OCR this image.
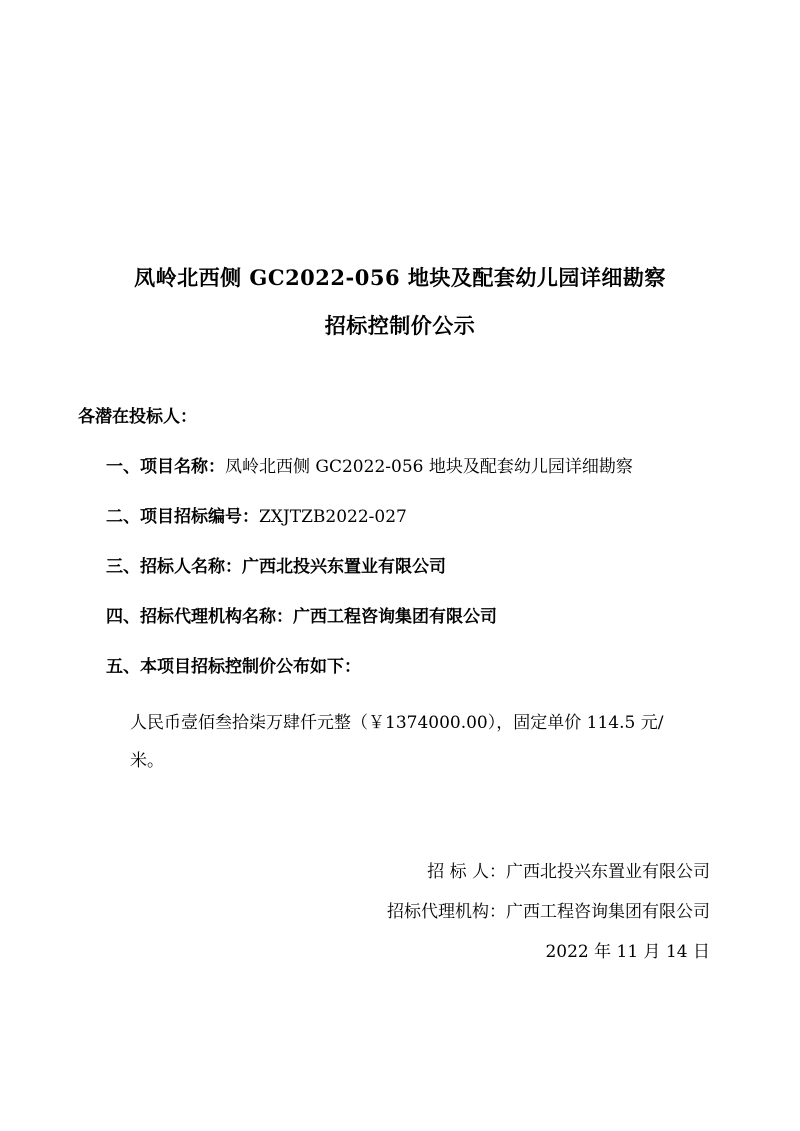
凤岭北西侧 GC2022-056 地块及配套幼儿园详细勘察
招标控制价公示
各潜在投标人：
一、项目名称：凤岭北西侧 GC2022-056 地块及配套幼儿园详细勘察
二、项目招标编号：ZXJTZB2022-027
三、招标人名称：广西北投兴东置业有限公司
四、招标代理机构名称：广西工程咨询集团有限公司
五、本项目招标控制价公布如下：
人民币壹佰叁拾柒万肆仟元整（￥1374000.00），固定单价 114.5 元/
米。
招 标 人：广西北投兴东置业有限公司
招标代理机构：广西工程咨询集团有限公司
2022 年 11 月 14 日
